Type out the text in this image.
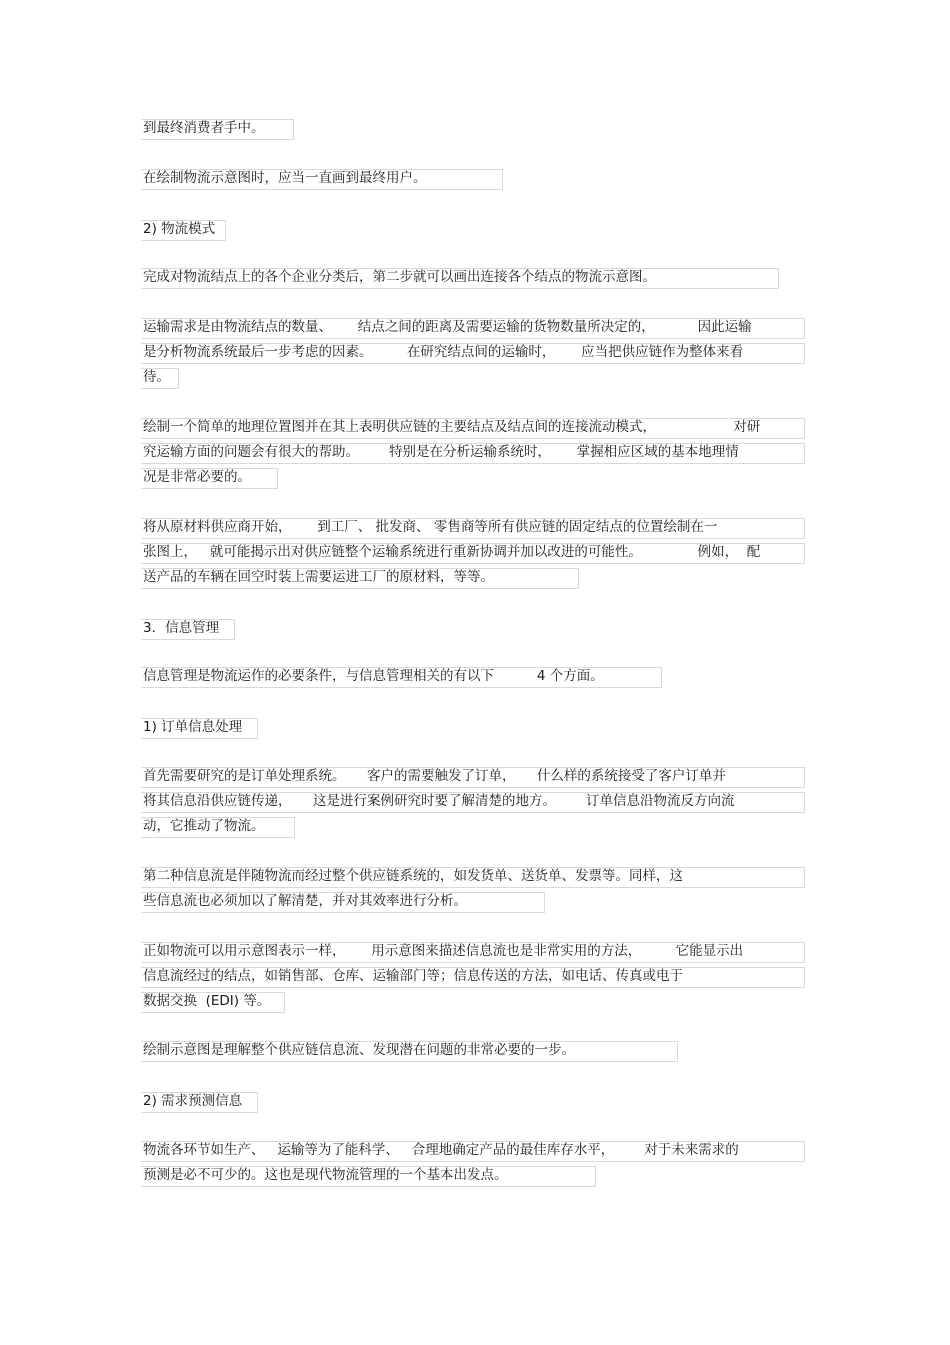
到最终消费者手中。
在绘制物流示意图时，应当一直画到最终用户。
2) 物流模式
完成对物流结点上的各个企业分类后，第二步就可以画出连接各个结点的物流示意图。
运输需求是由物流结点的数量、      结点之间的距离及需要运输的货物数量所决定的，          因此运输
是分析物流系统最后一步考虑的因素。        在研究结点间的运输时，      应当把供应链作为整体来看
待。
绘制一个简单的地理位置图并在其上表明供应链的主要结点及结点间的连接流动模式，                  对研
究运输方面的问题会有很大的帮助。       特别是在分析运输系统时，      掌握相应区域的基本地理情
况是非常必要的。
将从原材料供应商开始，      到工厂、 批发商、 零售商等所有供应链的固定结点的位置绘制在一
张图上，   就可能揭示出对供应链整个运输系统进行重新协调并加以改进的可能性。             例如，  配
送产品的车辆在回空时装上需要运进工厂的原材料，等等。
3．信息管理
信息管理是物流运作的必要条件，与信息管理相关的有以下          4 个方面。
1) 订单信息处理
首先需要研究的是订单处理系统。     客户的需要触发了订单，     什么样的系统接受了客户订单并
将其信息沿供应链传递，     这是进行案例研究时要了解清楚的地方。       订单信息沿物流反方向流
动，它推动了物流。
第二种信息流是伴随物流而经过整个供应链系统的，如发货单、送货单、发票等。同样，这
些信息流也必须加以了解清楚，并对其效率进行分析。
正如物流可以用示意图表示一样，      用示意图来描述信息流也是非常实用的方法，        它能显示出
信息流经过的结点，如销售部、仓库、运输部门等；信息传送的方法，如电话、传真或电于
数据交换  (EDI) 等。
绘制示意图是理解整个供应链信息流、发现潜在问题的非常必要的一步。
2) 需求预测信息
物流各环节如生产、   运输等为了能科学、   合理地确定产品的最佳库存水平，       对于未来需求的
预测是必不可少的。这也是现代物流管理的一个基本出发点。
